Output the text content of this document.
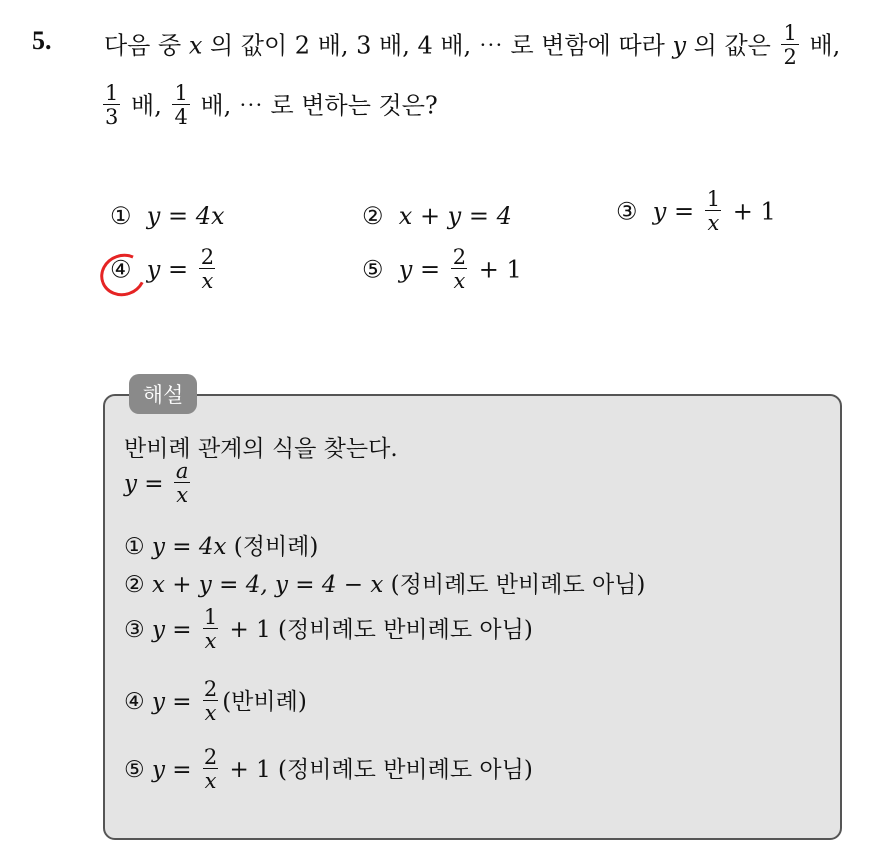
5. 다음 중 x 의 값이 2 배, 3 배, 4 배, ⋯ 로 변함에 따라 y 의 값은 $\frac{1}{2}$ 배,
$\frac{1}{3}$ 배, $\frac{1}{4}$ 배, ⋯ 로 변하는 것은?
① y = 4x	② x + y = 4	③ $y = \frac{1}{x} + 1$
④ $y = \frac{2}{x}$	⑤ $y = \frac{2}{x} + 1$
해설
반비례 관계의 식을 찾는다.
$y = \frac{a}{x}$
① y = 4x (정비례)
② x + y = 4, y = 4 − x (정비례도 반비례도 아님)
③ $y = \frac{1}{x} + 1$ (정비례도 반비례도 아님)
④ $y = \frac{2}{x}$ (반비례)
⑤ $y = \frac{2}{x} + 1$ (정비례도 반비례도 아님)
